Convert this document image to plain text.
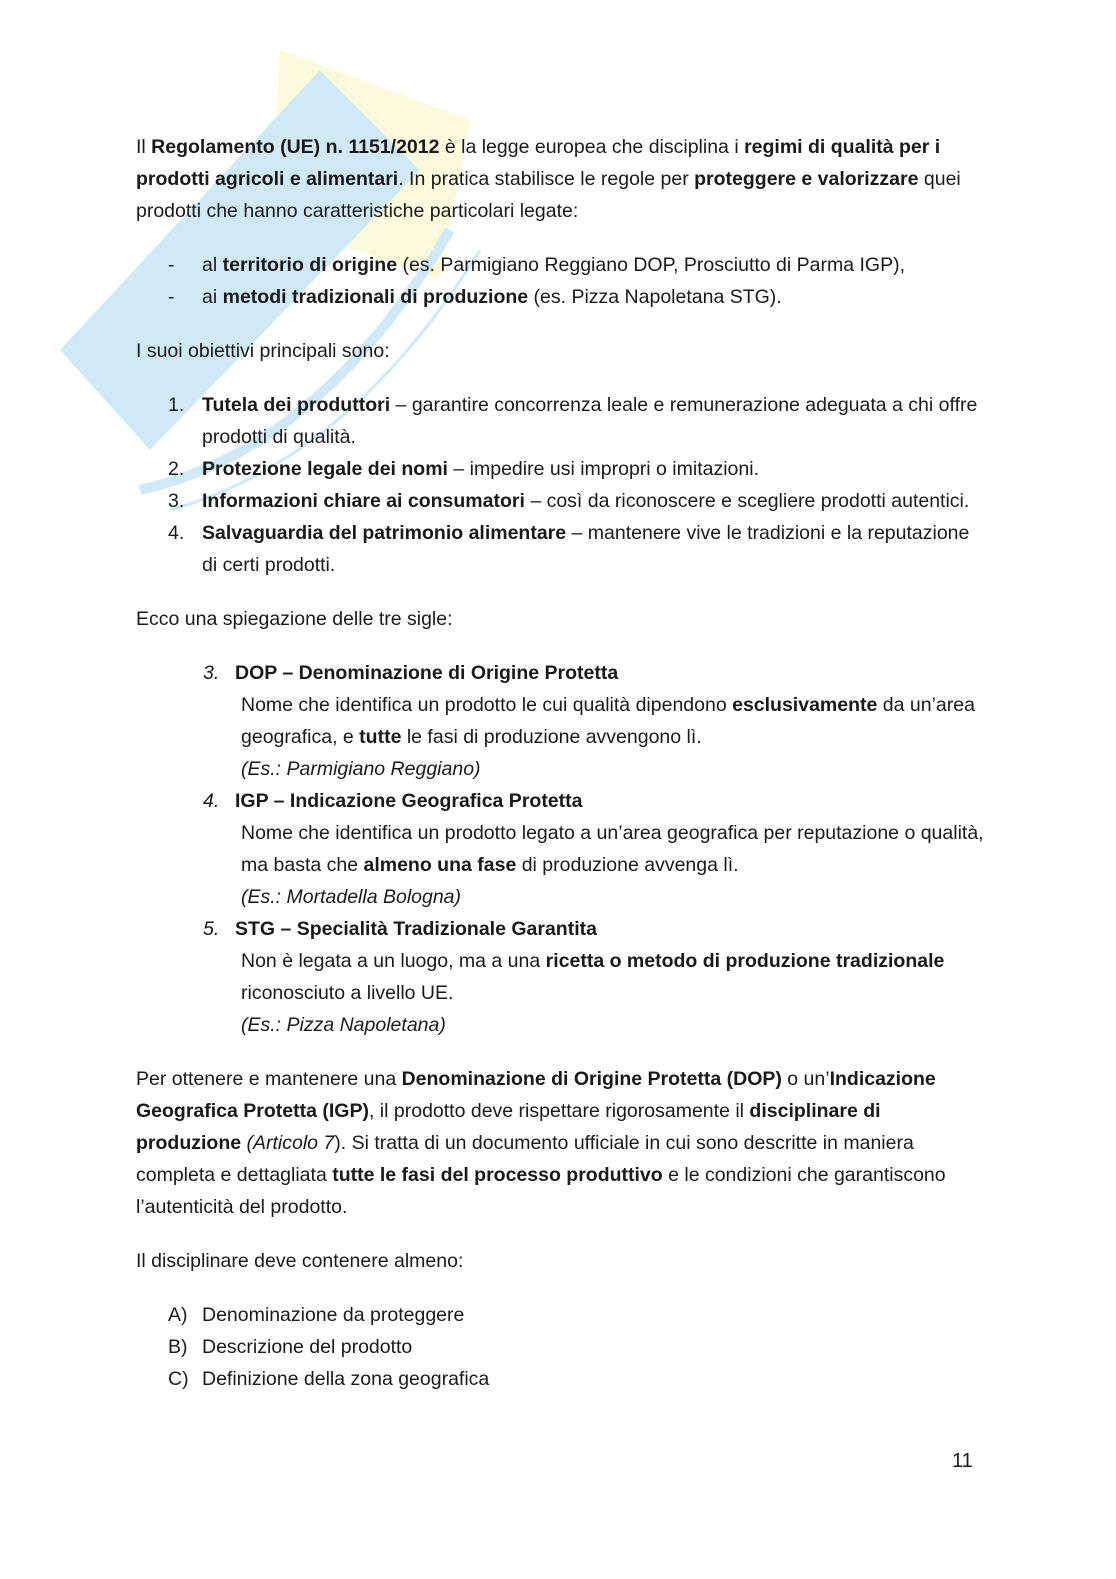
Il Regolamento (UE) n. 1151/2012 è la legge europea che disciplina i regimi di qualità per i prodotti agricoli e alimentari. In pratica stabilisce le regole per proteggere e valorizzare quei prodotti che hanno caratteristiche particolari legate:

-	al territorio di origine (es. Parmigiano Reggiano DOP, Prosciutto di Parma IGP),
-	ai metodi tradizionali di produzione (es. Pizza Napoletana STG).

I suoi obiettivi principali sono:

1. Tutela dei produttori – garantire concorrenza leale e remunerazione adeguata a chi offre prodotti di qualità.
2. Protezione legale dei nomi – impedire usi impropri o imitazioni.
3. Informazioni chiare ai consumatori – così da riconoscere e scegliere prodotti autentici.
4. Salvaguardia del patrimonio alimentare – mantenere vive le tradizioni e la reputazione di certi prodotti.

Ecco una spiegazione delle tre sigle:

3. DOP – Denominazione di Origine Protetta
Nome che identifica un prodotto le cui qualità dipendono esclusivamente da un’area geografica, e tutte le fasi di produzione avvengono lì.
(Es.: Parmigiano Reggiano)
4. IGP – Indicazione Geografica Protetta
Nome che identifica un prodotto legato a un’area geografica per reputazione o qualità, ma basta che almeno una fase di produzione avvenga lì.
(Es.: Mortadella Bologna)
5. STG – Specialità Tradizionale Garantita
Non è legata a un luogo, ma a una ricetta o metodo di produzione tradizionale riconosciuto a livello UE.
(Es.: Pizza Napoletana)

Per ottenere e mantenere una Denominazione di Origine Protetta (DOP) o un’Indicazione Geografica Protetta (IGP), il prodotto deve rispettare rigorosamente il disciplinare di produzione (Articolo 7). Si tratta di un documento ufficiale in cui sono descritte in maniera completa e dettagliata tutte le fasi del processo produttivo e le condizioni che garantiscono l’autenticità del prodotto.

Il disciplinare deve contenere almeno:

A) Denominazione da proteggere
B) Descrizione del prodotto
C) Definizione della zona geografica
11
